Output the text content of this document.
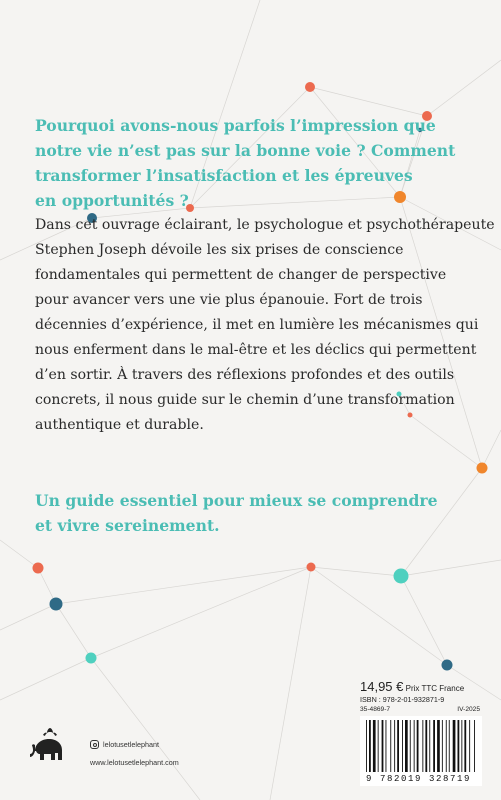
Pourquoi avons-nous parfois l’impression que
notre vie n’est pas sur la bonne voie ? Comment
transformer l’insatisfaction et les épreuves
en opportunités ?
Dans cet ouvrage éclairant, le psychologue et psychothérapeute
Stephen Joseph dévoile les six prises de conscience
fondamentales qui permettent de changer de perspective
pour avancer vers une vie plus épanouie. Fort de trois
décennies d’expérience, il met en lumière les mécanismes qui
nous enferment dans le mal-être et les déclics qui permettent
d’en sortir. À travers des réflexions profondes et des outils
concrets, il nous guide sur le chemin d’une transformation
authentique et durable.
Un guide essentiel pour mieux se comprendre
et vivre sereinement.
lelotusetlelephant
www.lelotusetlelephant.com
14,95 € Prix TTC France
ISBN : 978-2-01-932871-9
35-4869-7	IV-2025
9 782019 328719
